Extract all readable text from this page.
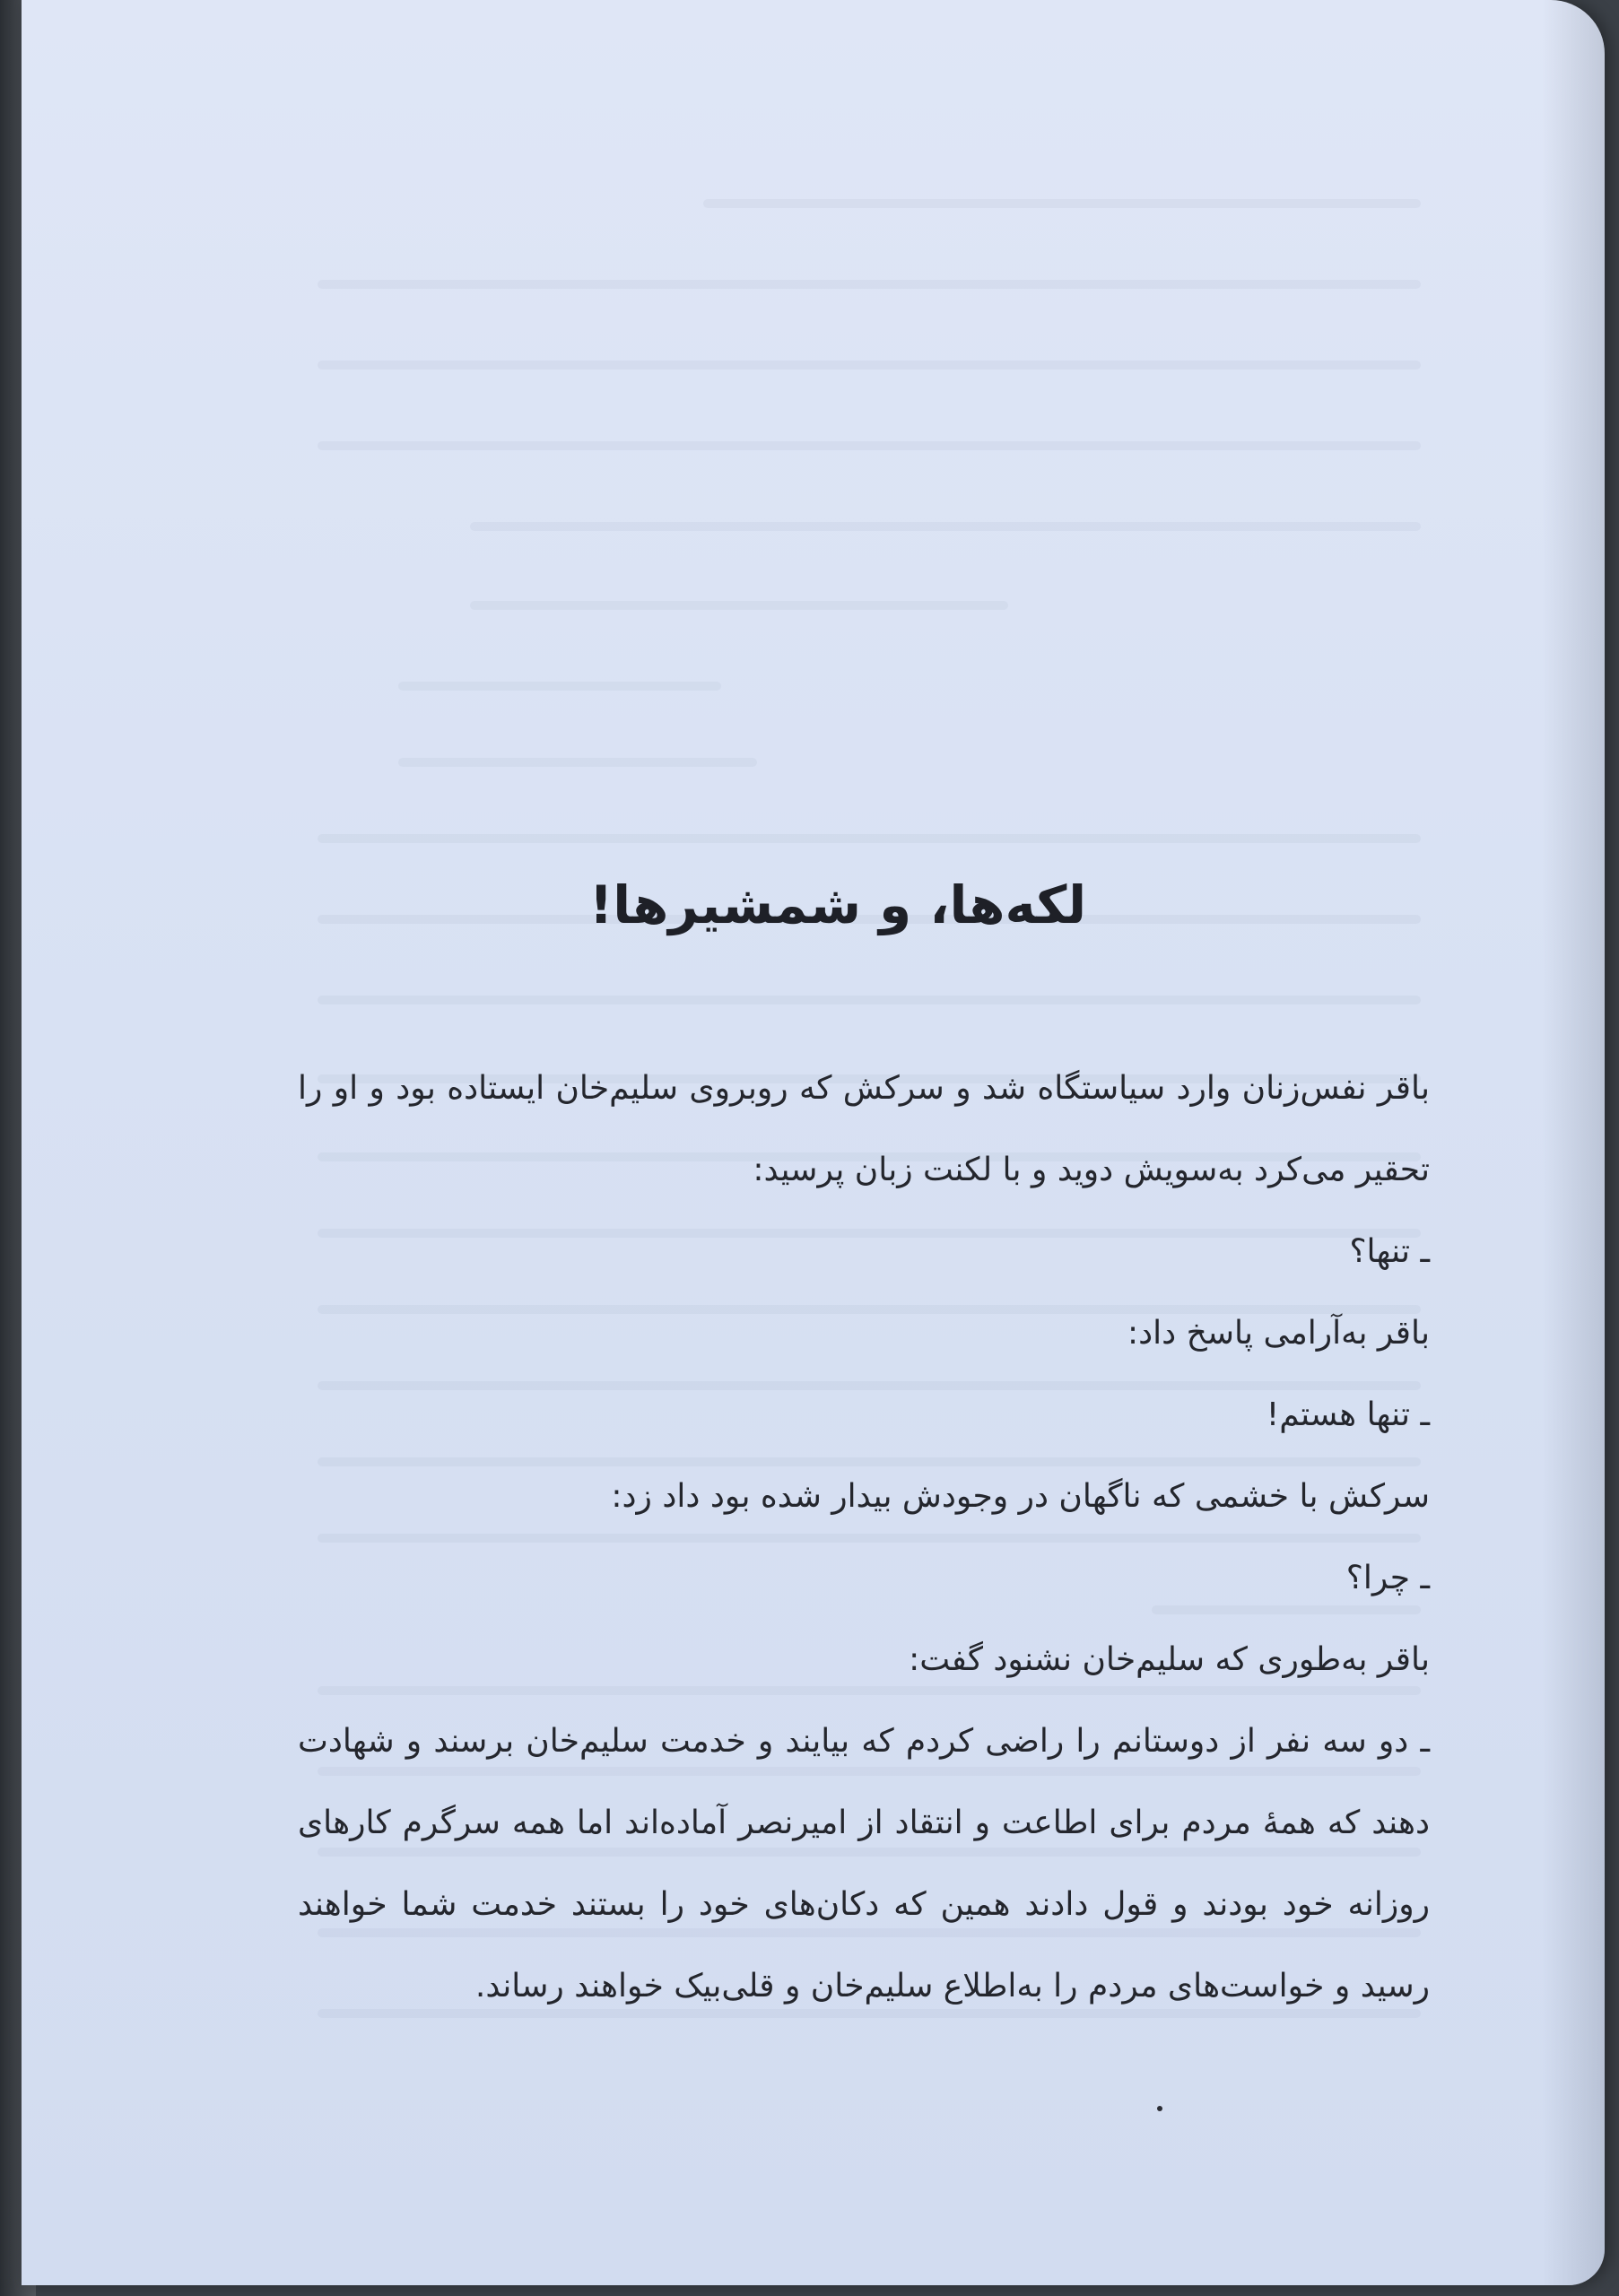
لکه‌ها، و شمشیرها!

باقر نفس‌زنان وارد سیاستگاه شد و سرکش که روبروی سلیم‌خان ایستاده بود و او را تحقیر می‌کرد به‌سویش دوید و با لکنت زبان پرسید:

ـ تنها؟

باقر به‌آرامی پاسخ داد:

ـ تنها هستم!

سرکش با خشمی که ناگهان در وجودش بیدار شده بود داد زد:

ـ چرا؟

باقر به‌طوری که سلیم‌خان نشنود گفت:

ـ دو سه نفر از دوستانم را راضی کردم که بیایند و خدمت سلیم‌خان برسند و شهادت دهند که همهٔ مردم برای اطاعت و انتقاد از امیرنصر آماده‌اند اما همه سرگرم کارهای روزانه خود بودند و قول دادند همین که دکان‌های خود را بستند خدمت شما خواهند رسید و خواست‌های مردم را به‌اطلاع سلیم‌خان و قلی‌بیک خواهند رساند.
